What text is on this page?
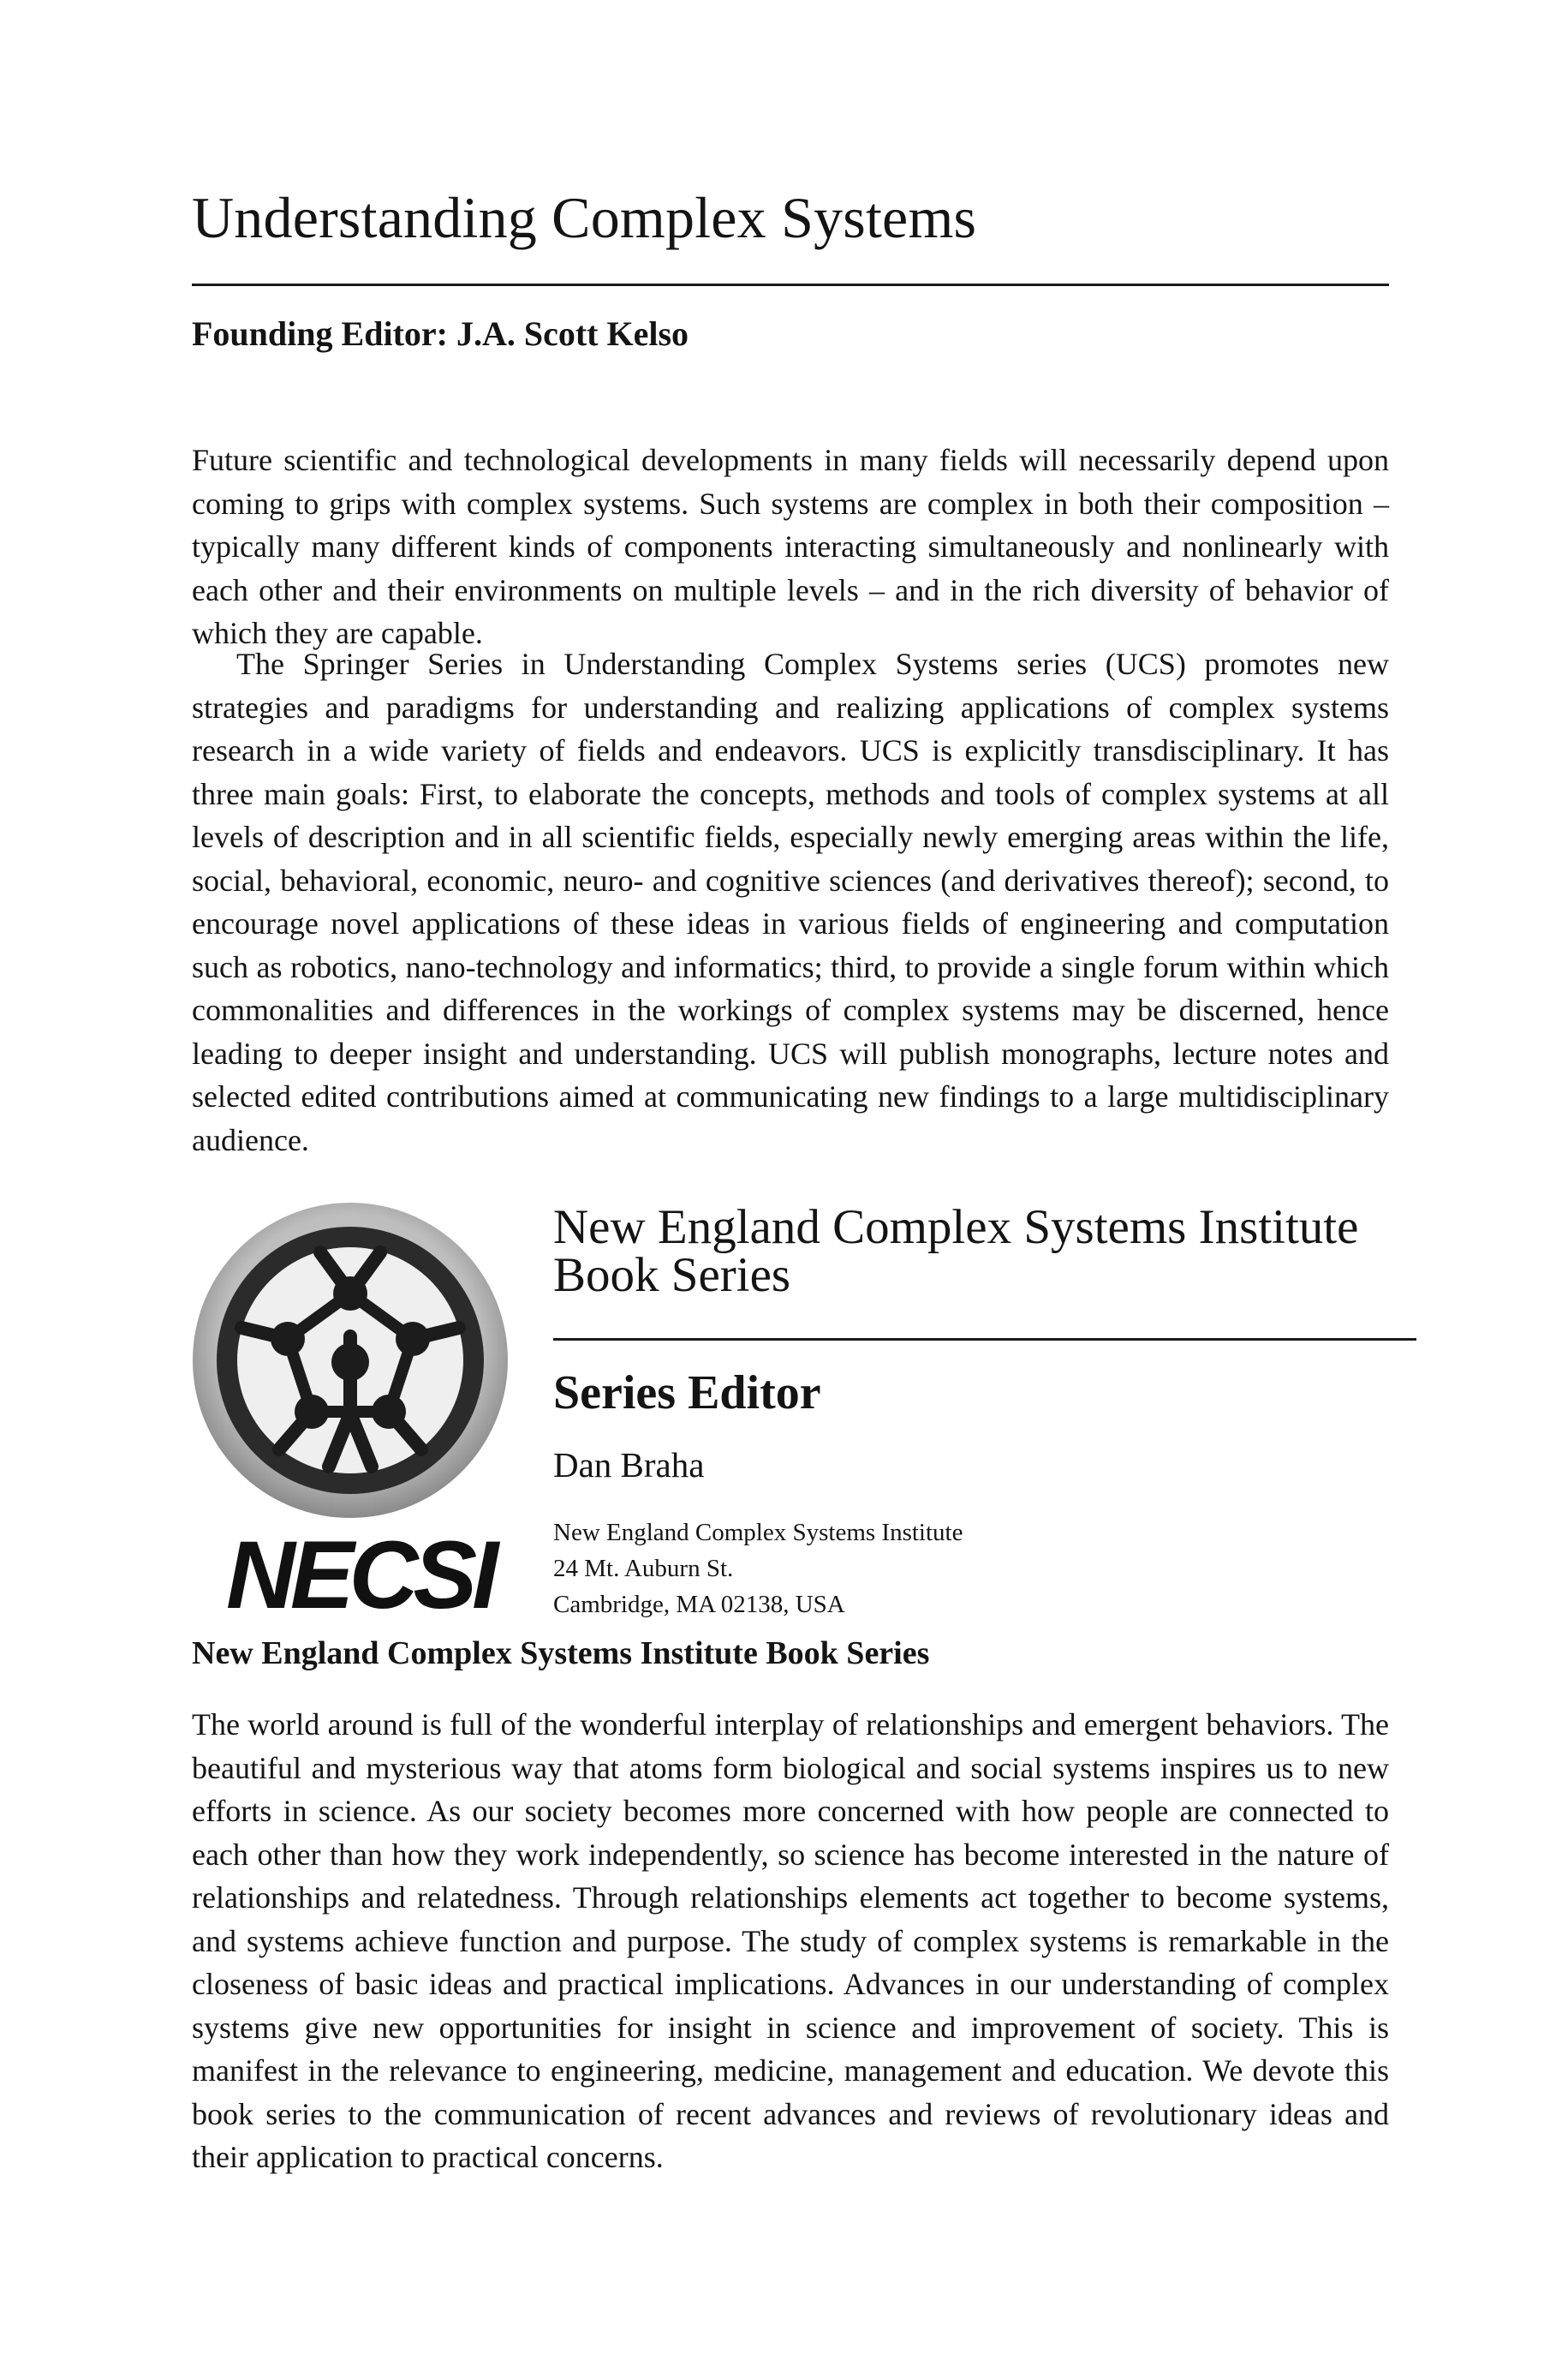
Understanding Complex Systems

Founding Editor: J.A. Scott Kelso

Future scientific and technological developments in many fields will necessarily depend upon coming to grips with complex systems. Such systems are complex in both their composition – typically many different kinds of components interacting simultaneously and nonlinearly with each other and their environments on multiple levels – and in the rich diversity of behavior of which they are capable.

The Springer Series in Understanding Complex Systems series (UCS) promotes new strategies and paradigms for understanding and realizing applications of complex systems research in a wide variety of fields and endeavors. UCS is explicitly transdisciplinary. It has three main goals: First, to elaborate the concepts, methods and tools of complex systems at all levels of description and in all scientific fields, especially newly emerging areas within the life, social, behavioral, economic, neuro- and cognitive sciences (and derivatives thereof); second, to encourage novel applications of these ideas in various fields of engineering and computation such as robotics, nano-technology and informatics; third, to provide a single forum within which commonalities and differences in the workings of complex systems may be discerned, hence leading to deeper insight and understanding. UCS will publish monographs, lecture notes and selected edited contributions aimed at communicating new findings to a large multidisciplinary audience.

NECSI

New England Complex Systems Institute
Book Series
Series Editor

Dan Braha

New England Complex Systems Institute
24 Mt. Auburn St.
Cambridge, MA 02138, USA

New England Complex Systems Institute Book Series

The world around is full of the wonderful interplay of relationships and emergent behaviors. The beautiful and mysterious way that atoms form biological and social systems inspires us to new efforts in science. As our society becomes more concerned with how people are connected to each other than how they work independently, so science has become interested in the nature of relationships and relatedness. Through relationships elements act together to become systems, and systems achieve function and purpose. The study of complex systems is remarkable in the closeness of basic ideas and practical implications. Advances in our understanding of complex systems give new opportunities for insight in science and improvement of society. This is manifest in the relevance to engineering, medicine, management and education. We devote this book series to the communication of recent advances and reviews of revolutionary ideas and their application to practical concerns.
